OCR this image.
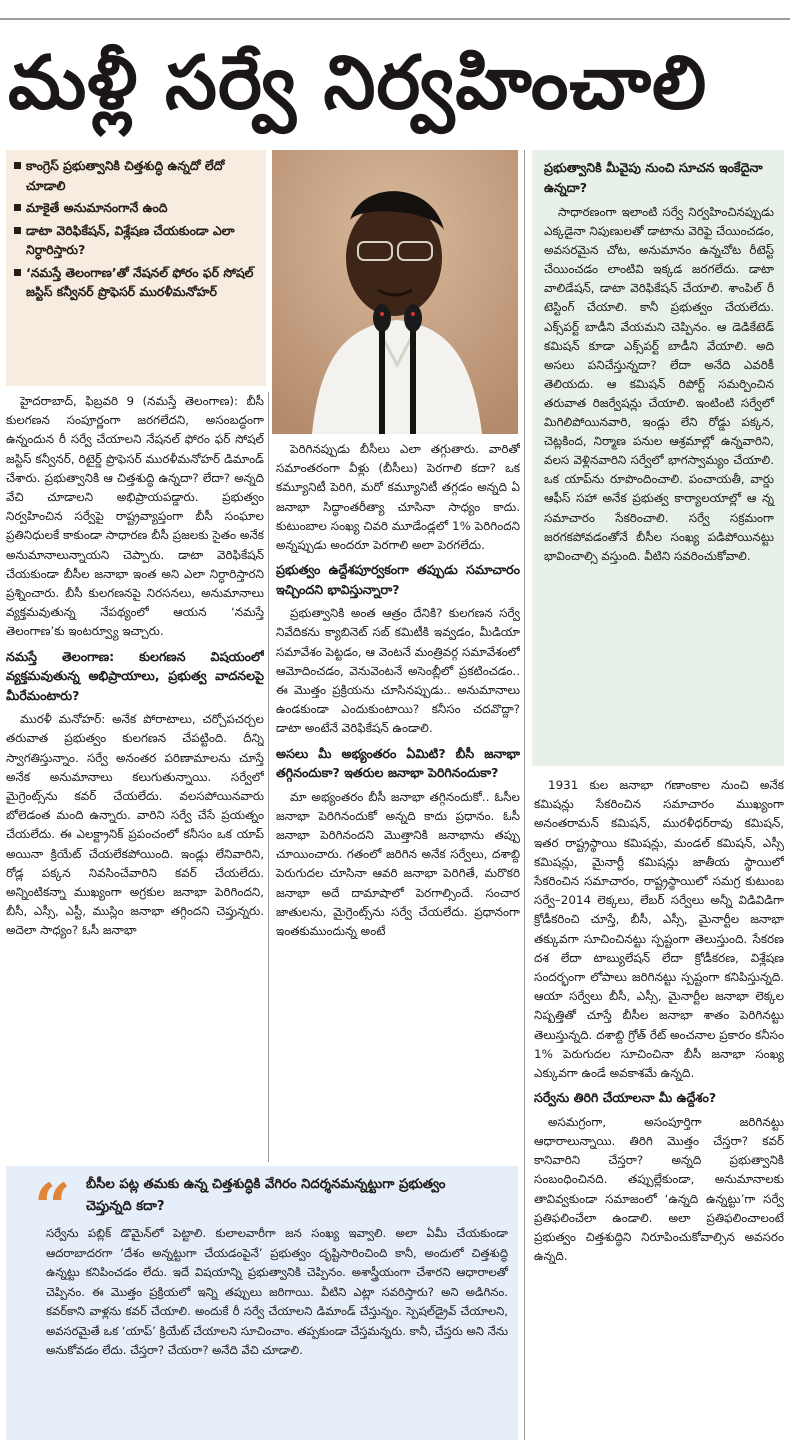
మళ్లీ సర్వే నిర్వహించాలి
కాంగ్రెస్ ప్రభుత్వానికి చిత్తశుద్ధి ఉన్నదో లేదో చూడాలి
మాకైతే అనుమానంగానే ఉంది
డాటా వెరిఫికేషన్, విశ్లేషణ చేయకుండా ఎలా నిర్ధారిస్తారు?
‘నమస్తే తెలంగాణ’తో నేషనల్ ఫోరం ఫర్ సోషల్ జస్టిస్ కన్వీనర్ ప్రొఫెసర్ మురళీమనోహర్

ప్రభుత్వానికి మీవైపు నుంచి సూచన ఇంకేదైనా ఉన్నదా?

సాధారణంగా ఇలాంటి సర్వే నిర్వహించినప్పుడు ఎక్కడైనా నిపుణులతో డాటాను వెరిఫై చేయించడం, అవసరమైన చోట, అనుమానం ఉన్నచోట రీటెస్ట్ చేయించడం లాంటివి ఇక్కడ జరగలేదు. డాటా వాలిడేషన్, డాటా వెరిఫికేషన్ చేయాలి. శాంపిల్ రీ టెస్టింగ్ చేయాలి. కానీ ప్రభుత్వం చేయలేదు. ఎక్స్‌పర్ట్ బాడీని వేయమని చెప్పినం. ఆ డెడికేటెడ్ కమిషన్ కూడా ఎక్స్‌పర్ట్ బాడీని వేయాలి. అది అసలు పనిచేస్తున్నదా? లేదా అనేది ఎవరికీ తెలియదు. ఆ కమిషన్ రిపోర్ట్ సమర్పించిన తరువాత రిజర్వేషన్లు చేయాలి. ఇంటింటి సర్వేలో మిగిలిపోయినవారి, ఇండ్లు లేని రోడ్డు పక్కన, చెట్లకింద, నిర్మాణ పనుల ఆశ్రమాల్లో ఉన్నవారిని, వలస వెళ్లినవారిని సర్వేలో భాగస్వామ్యం చేయాలి. ఒక యాప్‌ను రూపొందించాలి. పంచాయతీ, వార్డు ఆఫీస్ సహా అనేక ప్రభుత్వ కార్యాలయాల్లో ఆ న్న సమాచారం సేకరించాలి. సర్వే సక్రమంగా జరగకపోవడంతోనే బీసీల సంఖ్య పడిపోయినట్టు భావించాల్సి వస్తుంది. వీటిని సవరించుకోవాలి.

హైదరాబాద్, ఫిబ్రవరి 9 (నమస్తే తెలంగాణ): బీసీ కులగణన సంపూర్ణంగా జరగలేదని, అసంబద్ధంగా ఉన్నందున రీ సర్వే చేయాలని నేషనల్ ఫోరం ఫర్ సోషల్ జస్టిస్ కన్వీనర్, రిటైర్డ్ ప్రొఫెసర్ మురళీమనోహర్ డిమాండ్ చేశారు. ప్రభుత్వానికి ఆ చిత్తశుద్ధి ఉన్నదా? లేదా? అన్నది వేచి చూడాలని అభిప్రాయపడ్డారు. ప్రభుత్వం నిర్వహించిన సర్వేపై రాష్ట్రవ్యాప్తంగా బీసీ సంఘాల ప్రతినిధులకే కాకుండా సాధారణ బీసీ ప్రజలకు సైతం అనేక అనుమానాలున్నాయని చెప్పారు. డాటా వెరిఫికేషన్ చేయకుండా బీసీల జనాభా ఇంత అని ఎలా నిర్ధారిస్తారని ప్రశ్నించారు. బీసీ కులగణనపై నిరసనలు, అనుమానాలు వ్యక్తమవుతున్న నేపథ్యంలో ఆయన ‘నమస్తే తెలంగాణ’కు ఇంటర్వ్యూ ఇచ్చారు.

నమస్తే తెలంగాణ: కులగణన విషయంలో వ్యక్తమవుతున్న అభిప్రాయాలు, ప్రభుత్వ వాదనలపై మీరేమంటారు?

మురళీ మనోహర్: అనేక పోరాటాలు, చర్చోపచర్చల తరువాత ప్రభుత్వం కులగణన చేపట్టింది. దీన్ని స్వాగతిస్తున్నాం. సర్వే అనంతర పరిణామాలను చూస్తే అనేక అనుమానాలు కలుగుతున్నాయి. సర్వేలో మైగ్రెంట్స్‌ను కవర్ చేయలేదు. వలసపోయినవారు బోలెడంత మంది ఉన్నారు. వారిని సర్వే చేసే ప్రయత్నం చేయలేదు. ఈ ఎలక్ట్రానిక్ ప్రపంచంలో కనీసం ఒక యాప్ అయినా క్రియేట్ చేయలేకపోయింది. ఇండ్లు లేనివారిని, రోడ్ల పక్కన నివసించేవారిని కవర్ చేయలేదు. అన్నింటికన్నా ముఖ్యంగా అగ్రకుల జనాభా పెరిగిందని, బీసీ, ఎస్సీ, ఎస్టీ, ముస్లిం జనాభా తగ్గిందని చెప్తున్నరు. అదెలా సాధ్యం? ఓసీ జనాభా

పెరిగినప్పుడు బీసీలు ఎలా తగ్గుతారు. వారితో సమాంతరంగా వీళ్లు (బీసీలు) పెరగాలి కదా? ఒక కమ్యూనిటీ పెరిగి, మరో కమ్యూనిటీ తగ్గడం అన్నది ఏ జనాభా సిద్ధాంతరీత్యా చూసినా సాధ్యం కాదు. కుటుంబాల సంఖ్య చివరి మూడేండ్లలో 1% పెరిగిందని అన్నప్పుడు అందరూ పెరగాలి అలా పెరగలేదు.

ప్రభుత్వం ఉద్దేశపూర్వకంగా తప్పుడు సమాచారం ఇచ్చిందని భావిస్తున్నారా?

ప్రభుత్వానికి అంత ఆత్రం దేనికి? కులగణన సర్వే నివేదికను క్యాబినెట్ సబ్ కమిటీకి ఇవ్వడం, మీడియా సమావేశం పెట్టడం, ఆ వెంటనే మంత్రివర్గ సమావేశంలో ఆమోదించడం, వెనువెంటనే అసెంబ్లీలో ప్రకటించడం.. ఈ మొత్తం ప్రక్రియను చూసినప్పుడు.. అనుమానాలు ఉండకుండా ఎందుకుంటాయి? కనీసం చదవొద్దా? డాటా అంటేనే వెరిఫికేషన్ ఉండాలి.

అసలు మీ అభ్యంతరం ఏమిటి? బీసీ జనాభా తగ్గినందుకా? ఇతరుల జనాభా పెరిగినందుకా?

మా అభ్యంతరం బీసీ జనాభా తగ్గినందుకో.. ఓసీల జనాభా పెరిగినందుకో అన్నది కాదు ప్రధానం. ఓసీ జనాభా పెరిగినందని మొత్తానికి జనాభాను తప్పు చూయించారు. గతంలో జరిగిన అనేక సర్వేలు, దశాబ్ది పెరుగుదల చూసినా ఆవరి జనాభా పెరిగితే, మరొకరి జనాభా అదే దామాషాలో పెరగాల్సిందే. సంచార జాతులను, మైగ్రెంట్స్‌ను సర్వే చేయలేదు. ప్రధానంగా ఇంతకుముందున్న అంటే

1931 కుల జనాభా గణాంకాల నుంచి అనేక కమిషన్లు సేకరించిన సమాచారం ముఖ్యంగా అనంతరామన్ కమిషన్, మురళీధర్‌రావు కమిషన్, ఇతర రాష్ట్రస్థాయి కమిషన్లు, మండల్ కమిషన్, ఎస్సీ కమిషన్లు, మైనార్టీ కమిషన్లు జాతీయ స్థాయిలో సేకరించిన సమాచారం, రాష్ట్రస్థాయిలో సమగ్ర కుటుంబ సర్వే–2014 లెక్కలు, లేబర్ సర్వేలు అన్నీ విడివిడిగా క్రోడీకరించి చూస్తే, బీసీ, ఎస్సీ, మైనార్టీల జనాభా తక్కువగా సూచించినట్టు స్పష్టంగా తెలుస్తుంది. సేకరణ దశ లేదా టాబ్యులేషన్ లేదా క్రోడీకరణ, విశ్లేషణ సందర్భంగా లోపాలు జరిగినట్టు స్పష్టంగా కనిపిస్తున్నది. ఆయా సర్వేలు బీసీ, ఎస్సీ, మైనార్టీల జనాభా లెక్కల నిష్పత్తితో చూస్తే బీసీల జనాభా శాతం పెరిగినట్టు తెలుస్తున్నది. దశాబ్ది గ్రోత్ రేట్ అంచనాల ప్రకారం కనీసం 1% పెరుగుదల సూచించినా బీసీ జనాభా సంఖ్య ఎక్కువగా ఉండే అవకాశమే ఉన్నది.

సర్వేను తిరిగి చేయాలనా మీ ఉద్దేశం?

అసమగ్రంగా, అసంపూర్తిగా జరిగినట్టు ఆధారాలున్నాయి. తిరిగి మొత్తం చేస్తరా? కవర్ కానివారిని చేస్తరా? అన్నది ప్రభుత్వానికి సంబంధించినది. తప్పుల్లేకుండా, అనుమానాలకు తావివ్వకుండా సమాజంలో ‘ఉన్నది ఉన్నట్టు’గా సర్వే ప్రతిఫలించేలా ఉండాలి. అలా ప్రతిఫలించాలంటే ప్రభుత్వం చిత్తశుద్ధిని నిరూపించుకోవాల్సిన అవసరం ఉన్నది.

“ బీసీల పట్ల తమకు ఉన్న చిత్తశుద్ధికి వేగిరం నిదర్శనమన్నట్టుగా ప్రభుత్వం చెప్తున్నది కదా?
సర్వేను పబ్లిక్ డొమైన్‌లో పెట్టాలి. కులాలవారీగా జన సంఖ్య ఇవ్వాలి. అలా ఏమీ చేయకుండా ఆదరాబాదరగా ‘దేశం అన్నట్టుగా చేయడంపైనే’ ప్రభుత్వం దృష్టిసారించింది కానీ, అందులో చిత్తశుద్ధి ఉన్నట్టు కనిపించడం లేదు. ఇదే విషయాన్ని ప్రభుత్వానికి చెప్పినం. అశాస్త్రీయంగా చేశారని ఆధారాలతో చెప్పినం. ఈ మొత్తం ప్రక్రియలో ఇన్ని తప్పులు జరిగాయి. వీటిని ఎట్లా సవరిస్తారు? అని అడిగినం. కవర్‌కాని వాళ్లను కవర్ చేయాలి. అందుకే రీ సర్వే చేయాలని డిమాండ్ చేస్తున్నం. స్పెషల్‌డ్రైవ్ చేయాలని, అవసరమైతే ఒక ‘యాప్’ క్రియేట్ చేయాలని సూచించాం. తప్పకుండా చేస్తమన్నరు. కానీ, చేస్తరు అని నేను అనుకోవడం లేదు. చేస్తరా? చేయరా? అనేది వేచి చూడాలి.
